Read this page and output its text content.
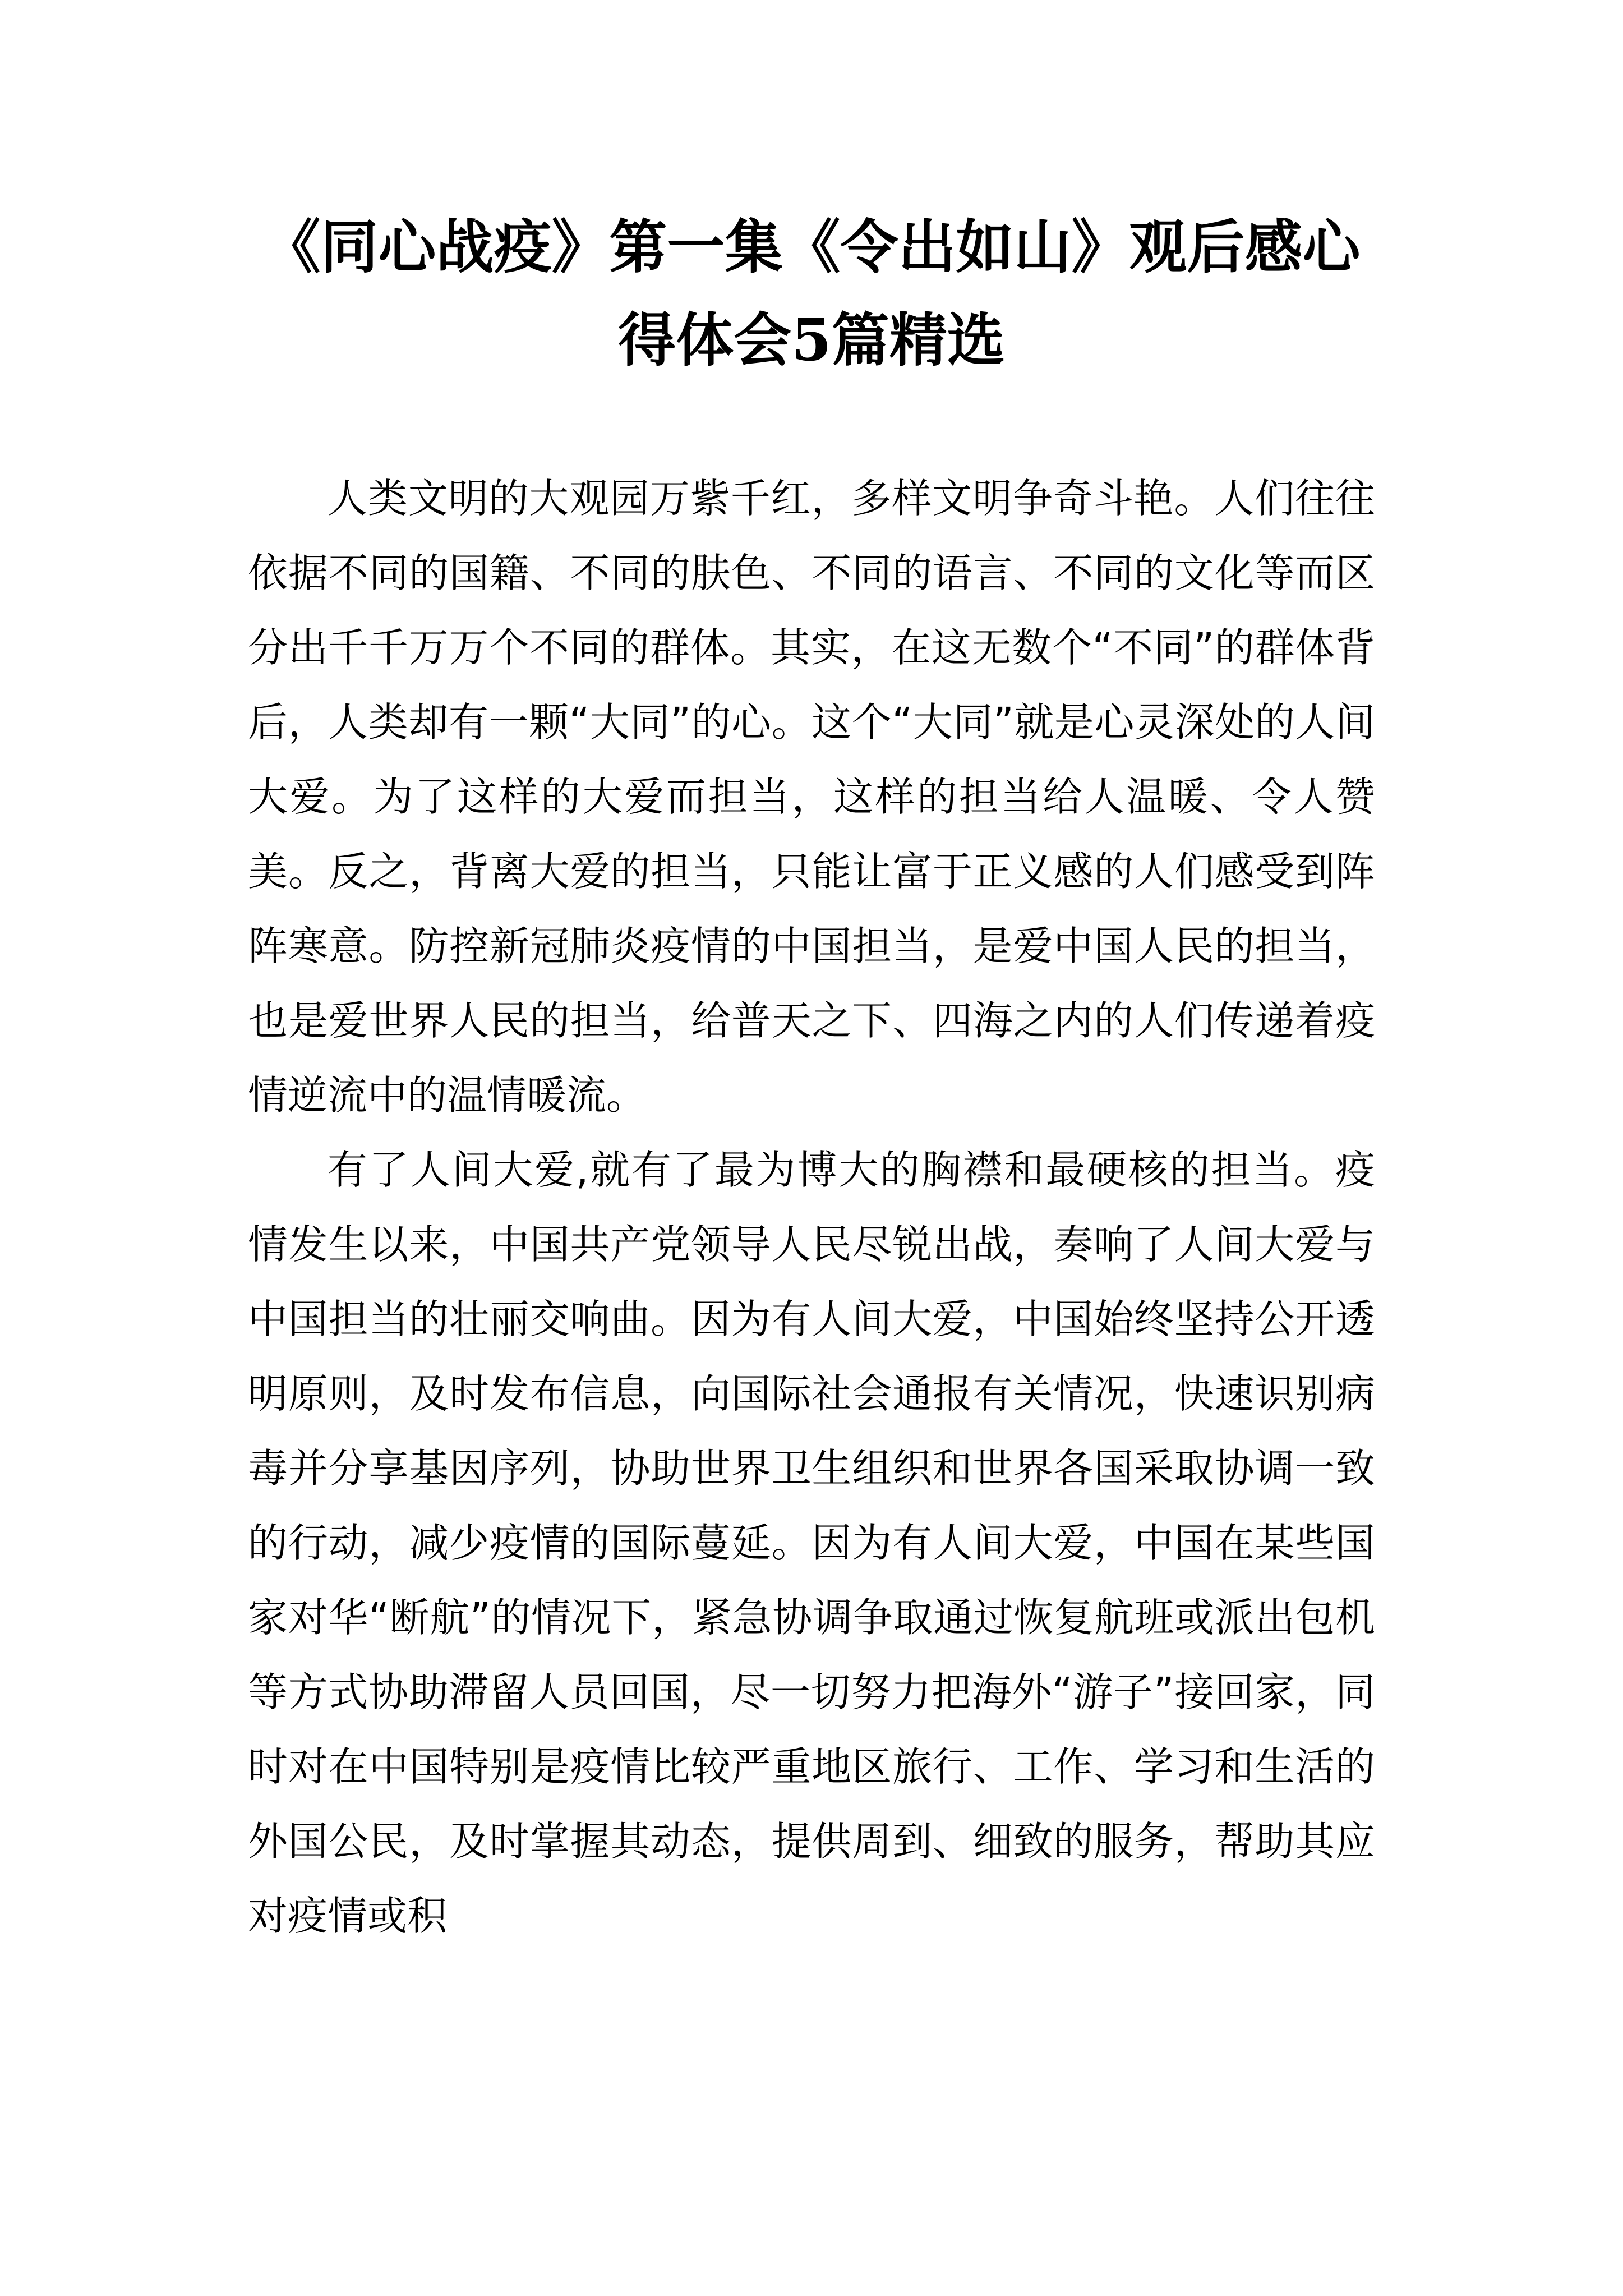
《同心战疫》第一集《令出如山》观后感心得体会5篇精选

人类文明的大观园万紫千红，多样文明争奇斗艳。人们往往依据不同的国籍、不同的肤色、不同的语言、不同的文化等而区分出千千万万个不同的群体。其实，在这无数个“不同”的群体背后，人类却有一颗“大同”的心。这个“大同”就是心灵深处的人间大爱。为了这样的大爱而担当，这样的担当给人温暖、令人赞美。反之，背离大爱的担当，只能让富于正义感的人们感受到阵阵寒意。防控新冠肺炎疫情的中国担当，是爱中国人民的担当，也是爱世界人民的担当，给普天之下、四海之内的人们传递着疫情逆流中的温情暖流。

有了人间大爱,就有了最为博大的胸襟和最硬核的担当。疫情发生以来，中国共产党领导人民尽锐出战，奏响了人间大爱与中国担当的壮丽交响曲。因为有人间大爱，中国始终坚持公开透明原则，及时发布信息，向国际社会通报有关情况，快速识别病毒并分享基因序列，协助世界卫生组织和世界各国采取协调一致的行动，减少疫情的国际蔓延。因为有人间大爱，中国在某些国家对华“断航”的情况下，紧急协调争取通过恢复航班或派出包机等方式协助滞留人员回国，尽一切努力把海外“游子”接回家，同时对在中国特别是疫情比较严重地区旅行、工作、学习和生活的外国公民，及时掌握其动态，提供周到、细致的服务，帮助其应对疫情或积
